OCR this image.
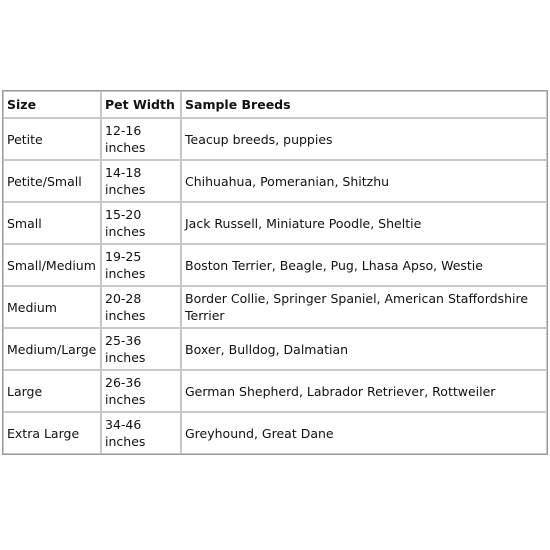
Size	Pet Width	Sample Breeds
Petite	12-16 inches	Teacup breeds, puppies
Petite/Small	14-18 inches	Chihuahua, Pomeranian, Shitzhu
Small	15-20 inches	Jack Russell, Miniature Poodle, Sheltie
Small/Medium	19-25 inches	Boston Terrier, Beagle, Pug, Lhasa Apso, Westie
Medium	20-28 inches	Border Collie, Springer Spaniel, American Staffordshire Terrier
Medium/Large	25-36 inches	Boxer, Bulldog, Dalmatian
Large	26-36 inches	German Shepherd, Labrador Retriever, Rottweiler
Extra Large	34-46 inches	Greyhound, Great Dane
